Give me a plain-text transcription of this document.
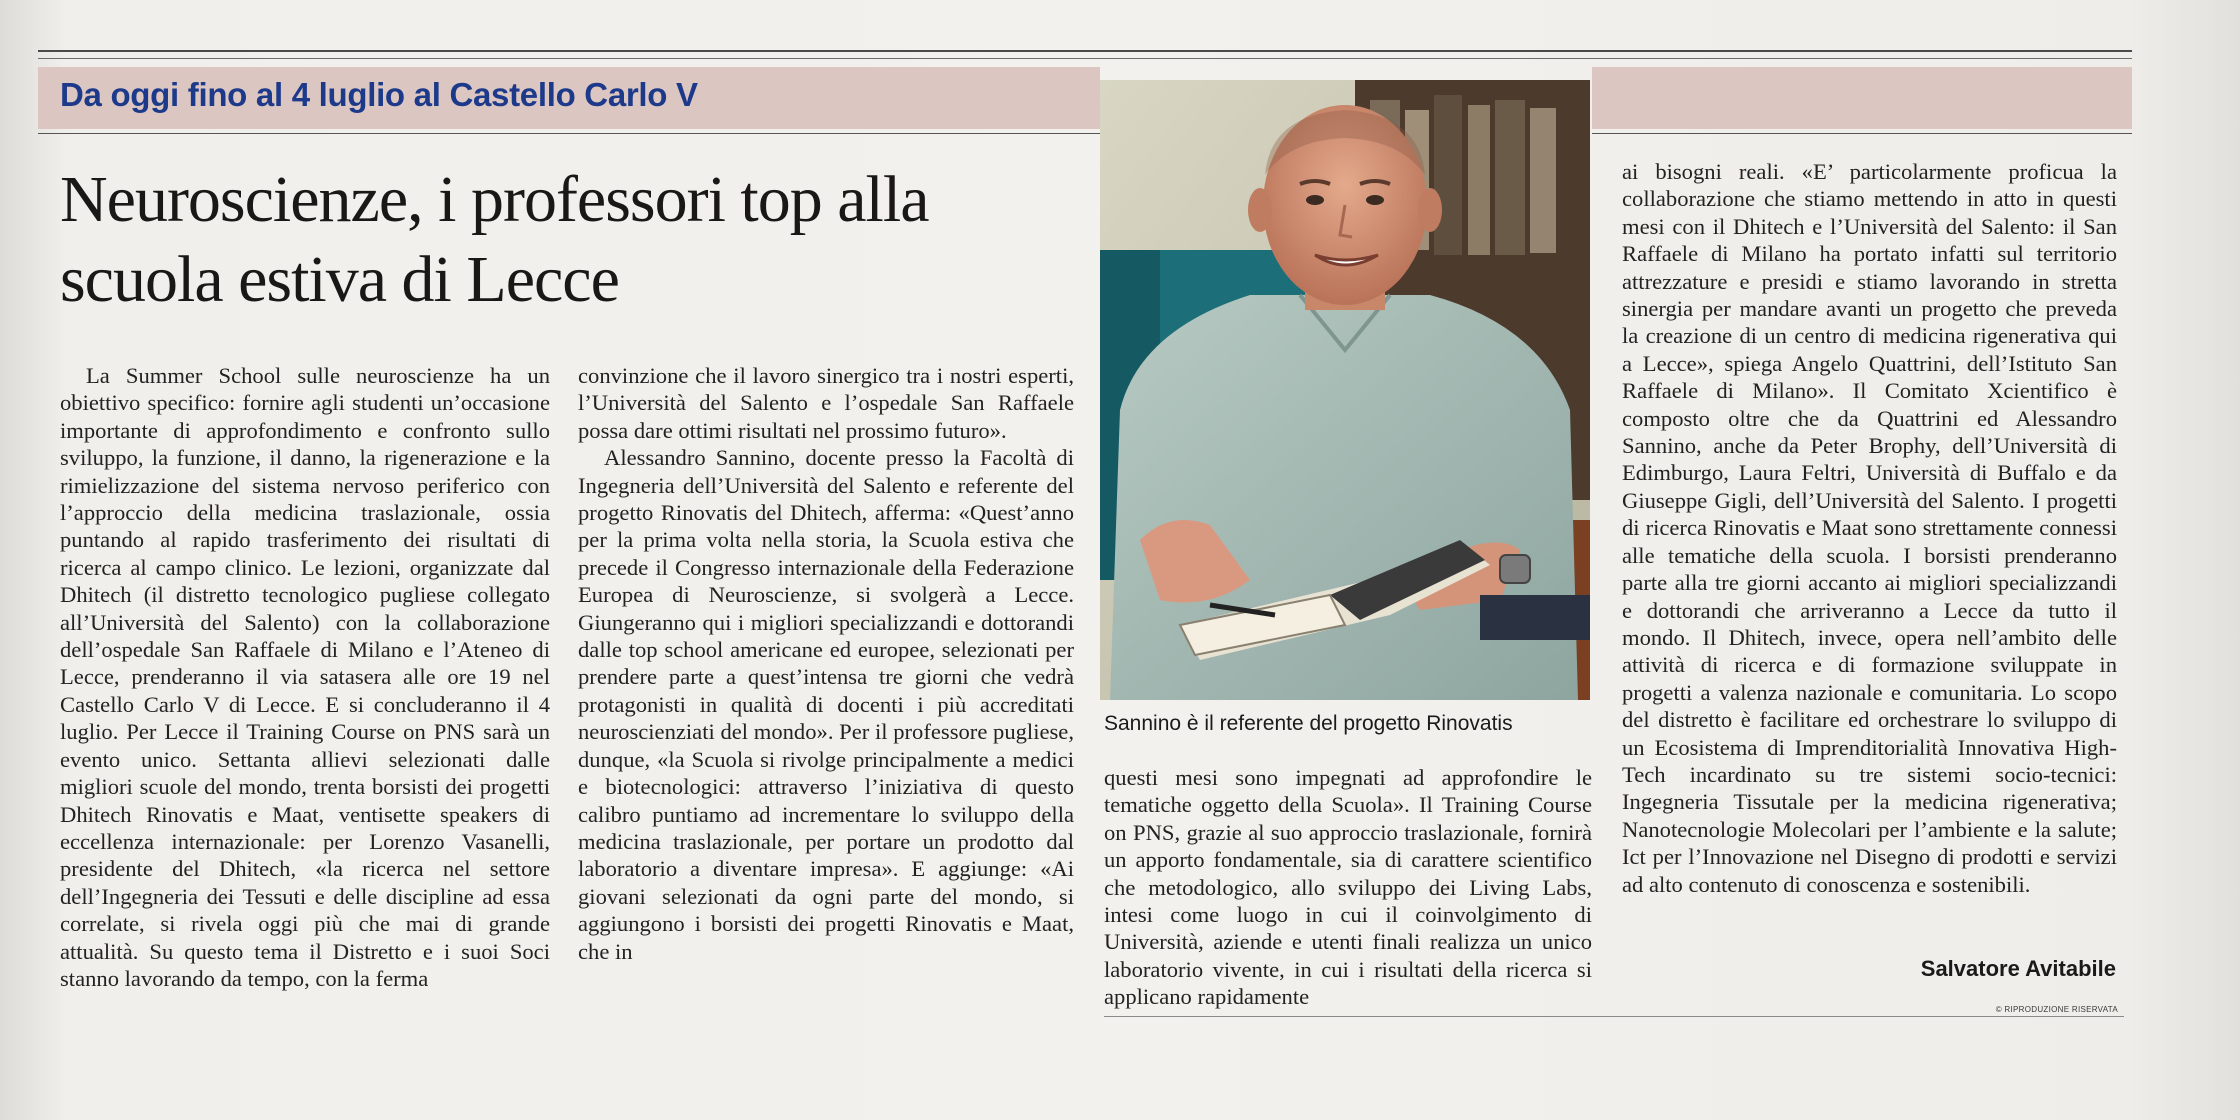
Da oggi fino al 4 luglio al Castello Carlo V
Neuroscienze, i professori top alla scuola estiva di Lecce

La Summer School sulle neuroscienze ha un obiettivo specifico: fornire agli studenti un’occasione importante di approfondimento e confronto sullo sviluppo, la funzione, il danno, la rigenerazione e la rimielizzazione del sistema nervoso periferico con l’approccio della medicina traslazionale, ossia puntando al rapido trasferimento dei risultati di ricerca al campo clinico. Le lezioni, organizzate dal Dhitech (il distretto tecnologico pugliese collegato all’Università del Salento) con la collaborazione dell’ospedale San Raffaele di Milano e l’Ateneo di Lecce, prenderanno il via satasera alle ore 19 nel Castello Carlo V di Lecce. E si concluderanno il 4 luglio. Per Lecce il Training Course on PNS sarà un evento unico. Settanta allievi selezionati dalle migliori scuole del mondo, trenta borsisti dei progetti Dhitech Rinovatis e Maat, ventisette speakers di eccellenza internazionale: per Lorenzo Vasanelli, presidente del Dhitech, «la ricerca nel settore dell’Ingegneria dei Tessuti e delle discipline ad essa correlate, si rivela oggi più che mai di grande attualità. Su questo tema il Distretto e i suoi Soci stanno lavorando da tempo, con la ferma

convinzione che il lavoro sinergico tra i nostri esperti, l’Università del Salento e l’ospedale San Raffaele possa dare ottimi risultati nel prossimo futuro».

Alessandro Sannino, docente presso la Facoltà di Ingegneria dell’Università del Salento e referente del progetto Rinovatis del Dhitech, afferma: «Quest’anno per la prima volta nella storia, la Scuola estiva che precede il Congresso internazionale della Federazione Europea di Neuroscienze, si svolgerà a Lecce. Giungeranno qui i migliori specializzandi e dottorandi dalle top school americane ed europee, selezionati per prendere parte a quest’intensa tre giorni che vedrà protagonisti in qualità di docenti i più accreditati neuroscienziati del mondo». Per il professore pugliese, dunque, «la Scuola si rivolge principalmente a medici e biotecnologici: attraverso l’iniziativa di questo calibro puntiamo ad incrementare lo sviluppo della medicina traslazionale, per portare un prodotto dal laboratorio a diventare impresa». E aggiunge: «Ai giovani selezionati da ogni parte del mondo, si aggiungono i borsisti dei progetti Rinovatis e Maat, che in

Sannino è il referente del progetto Rinovatis

questi mesi sono impegnati ad approfondire le tematiche oggetto della Scuola». Il Training Course on PNS, grazie al suo approccio traslazionale, fornirà un apporto fondamentale, sia di carattere scientifico che metodologico, allo sviluppo dei Living Labs, intesi come luogo in cui il coinvolgimento di Università, aziende e utenti finali realizza un unico laboratorio vivente, in cui i risultati della ricerca si applicano rapidamente

ai bisogni reali. «E’ particolarmente proficua la collaborazione che stiamo mettendo in atto in questi mesi con il Dhitech e l’Università del Salento: il San Raffaele di Milano ha portato infatti sul territorio attrezzature e presidi e stiamo lavorando in stretta sinergia per mandare avanti un progetto che preveda la creazione di un centro di medicina rigenerativa qui a Lecce», spiega Angelo Quattrini, dell’Istituto San Raffaele di Milano». Il Comitato Xcientifico è composto oltre che da Quattrini ed Alessandro Sannino, anche da Peter Brophy, dell’Università di Edimburgo, Laura Feltri, Università di Buffalo e da Giuseppe Gigli, dell’Università del Salento. I progetti di ricerca Rinovatis e Maat sono strettamente connessi alle tematiche della scuola. I borsisti prenderanno parte alla tre giorni accanto ai migliori specializzandi e dottorandi che arriveranno a Lecce da tutto il mondo. Il Dhitech, invece, opera nell’ambito delle attività di ricerca e di formazione sviluppate in progetti a valenza nazionale e comunitaria. Lo scopo del distretto è facilitare ed orchestrare lo sviluppo di un Ecosistema di Imprenditorialità Innovativa High-Tech incardinato su tre sistemi socio-tecnici: Ingegneria Tissutale per la medicina rigenerativa; Nanotecnologie Molecolari per l’ambiente e la salute; Ict per l’Innovazione nel Disegno di prodotti e servizi ad alto contenuto di conoscenza e sostenibili.

Salvatore Avitabile

© RIPRODUZIONE RISERVATA
